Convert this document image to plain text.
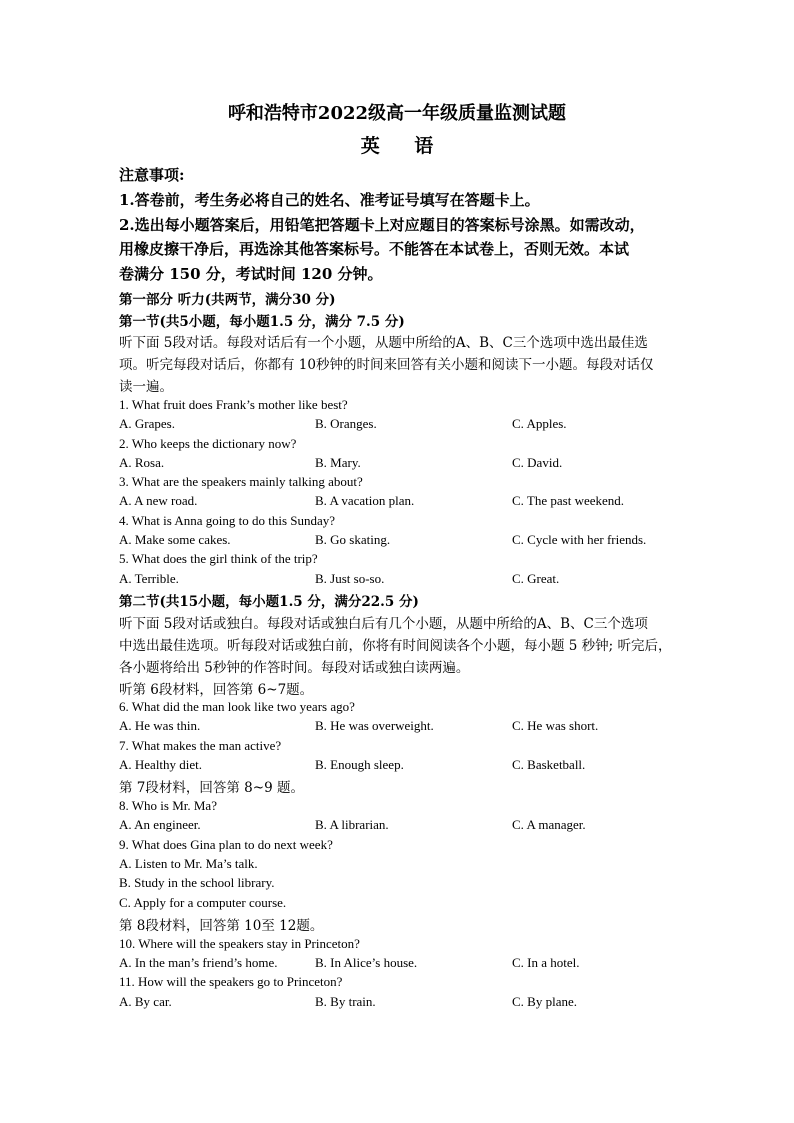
呼和浩特市2022级高一年级质量监测试题
英 语
注意事项:
1.答卷前，考生务必将自己的姓名、准考证号填写在答题卡上。
2.选出每小题答案后，用铅笔把答题卡上对应题目的答案标号涂黑。如需改动，
用橡皮擦干净后，再选涂其他答案标号。不能答在本试卷上，否则无效。本试
卷满分 150 分，考试时间 120 分钟。
第一部分 听力(共两节，满分30 分)
第一节(共5小题，每小题1.5 分，满分 7.5 分)
听下面 5段对话。每段对话后有一个小题，从题中所给的A、B、C三个选项中选出最佳选
项。听完每段对话后，你都有 10秒钟的时间来回答有关小题和阅读下一小题。每段对话仅
读一遍。
1. What fruit does Frank’s mother like best?
A. Grapes.	B. Oranges.	C. Apples.
2. Who keeps the dictionary now?
A. Rosa.	B. Mary.	C. David.
3. What are the speakers mainly talking about?
A. A new road.	B. A vacation plan.	C. The past weekend.
4. What is Anna going to do this Sunday?
A. Make some cakes.	B. Go skating.	C. Cycle with her friends.
5. What does the girl think of the trip?
A. Terrible.	B. Just so-so.	C. Great.
第二节(共15小题，每小题1.5 分，满分22.5 分)
听下面 5段对话或独白。每段对话或独白后有几个小题，从题中所给的A、B、C三个选项
中选出最佳选项。听每段对话或独白前，你将有时间阅读各个小题，每小题 5 秒钟; 听完后，
各小题将给出 5秒钟的作答时间。每段对话或独白读两遍。
听第 6段材料，回答第 6~7题。
6. What did the man look like two years ago?
A. He was thin.	B. He was overweight.	C. He was short.
7. What makes the man active?
A. Healthy diet.	B. Enough sleep.	C. Basketball.
第 7段材料，回答第 8~9 题。
8. Who is Mr. Ma?
A. An engineer.	B. A librarian.	C. A manager.
9. What does Gina plan to do next week?
A. Listen to Mr. Ma’s talk.
B. Study in the school library.
C. Apply for a computer course.
第 8段材料，回答第 10至 12题。
10. Where will the speakers stay in Princeton?
A. In the man’s friend’s home.	B. In Alice’s house.	C. In a hotel.
11. How will the speakers go to Princeton?
A. By car.	B. By train.	C. By plane.
